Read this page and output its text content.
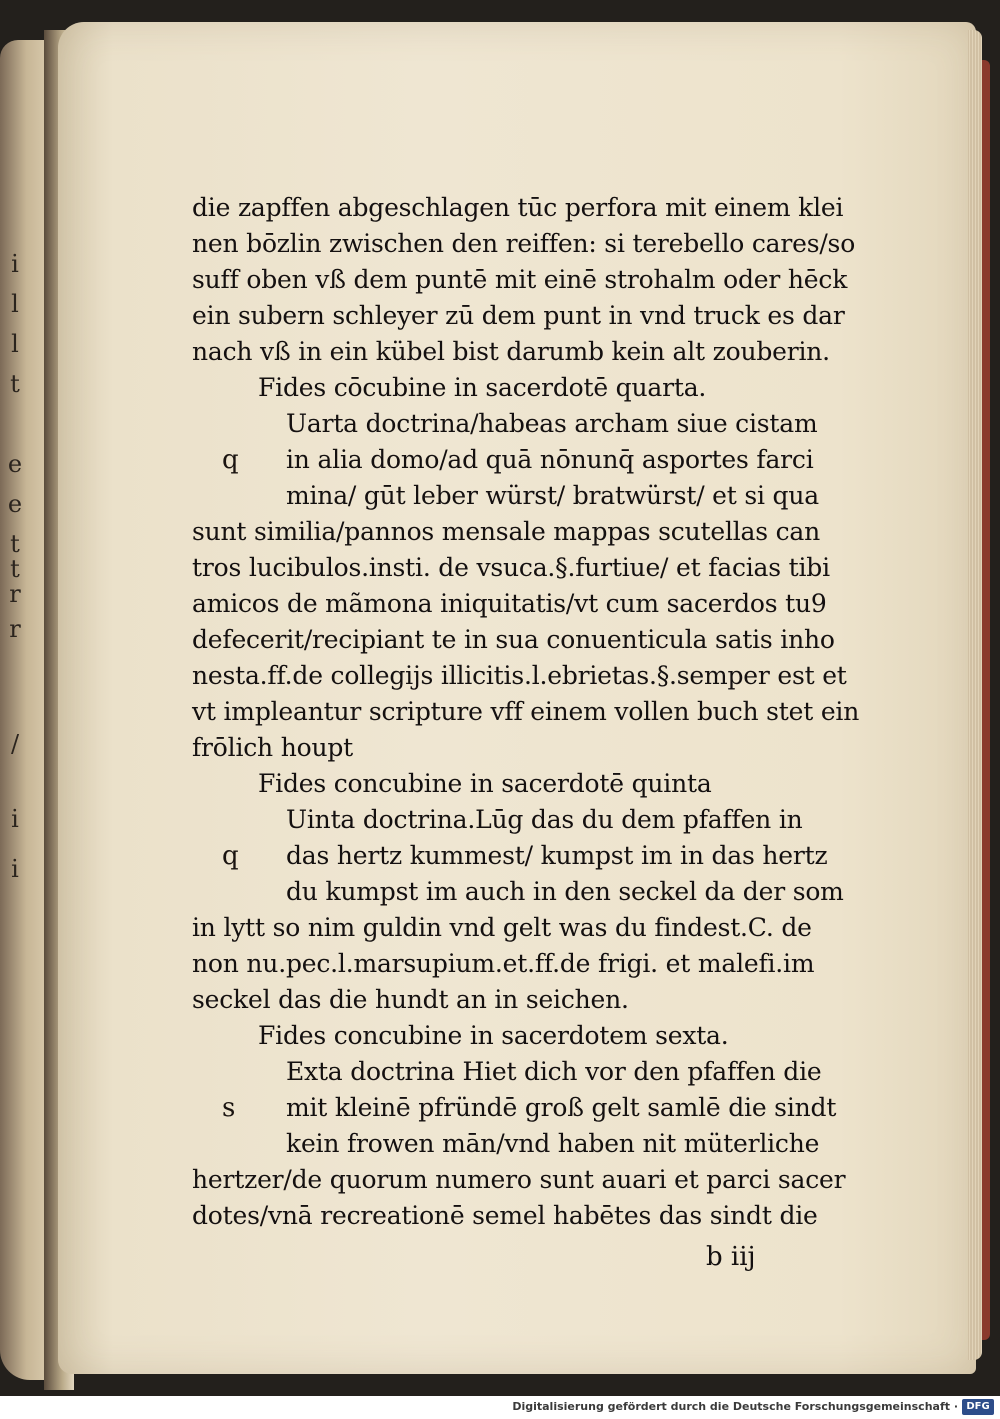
i
l
l
t
e
e
t
t
r
r
/
i
i
die zapffen abgeschlagen tūc perfora mit einem klei
nen bōzlin zwischen den reiffen: si terebello cares/so
suff oben vß dem puntē mit einē strohalm oder hēck
ein subern schleyer zū dem punt in vnd truck es dar
nach vß in ein kübel bist darumb kein alt zouberin.
Fides cōcubine in sacerdotē quarta.
Uarta doctrina/habeas archam siue cistam
in alia domo/ad quā nōnunq̄ asportes farci
mina/ gūt leber würst/ bratwürst/ et si qua
sunt similia/pannos mensale mappas scutellas can
tros lucibulos.insti. de vsuca.§.furtiue/ et facias tibi
amicos de mãmona iniquitatis/vt cum sacerdos tu9
defecerit/recipiant te in sua conuenticula satis inho
nesta.ff.de collegijs illicitis.l.ebrietas.§.semper est et
vt impleantur scripture vff einem vollen buch stet ein
frōlich houpt
Fides concubine in sacerdotē quinta
Uinta doctrina.Lūg das du dem pfaffen in
das hertz kummest/ kumpst im in das hertz
du kumpst im auch in den seckel da der som
in lytt so nim guldin vnd gelt was du findest.C. de
non nu.pec.l.marsupium.et.ff.de frigi. et malefi.im
seckel das die hundt an in seichen.
Fides concubine in sacerdotem sexta.
Exta doctrina Hiet dich vor den pfaffen die
mit kleinē pfründē groß gelt samlē die sindt
kein frowen mān/vnd haben nit müterliche
hertzer/de quorum numero sunt auari et parci sacer
dotes/vnā recreationē semel habētes das sindt die
q
q
s
b iij
Digitalisierung gefördert durch die Deutsche Forschungsgemeinschaft · DFG
